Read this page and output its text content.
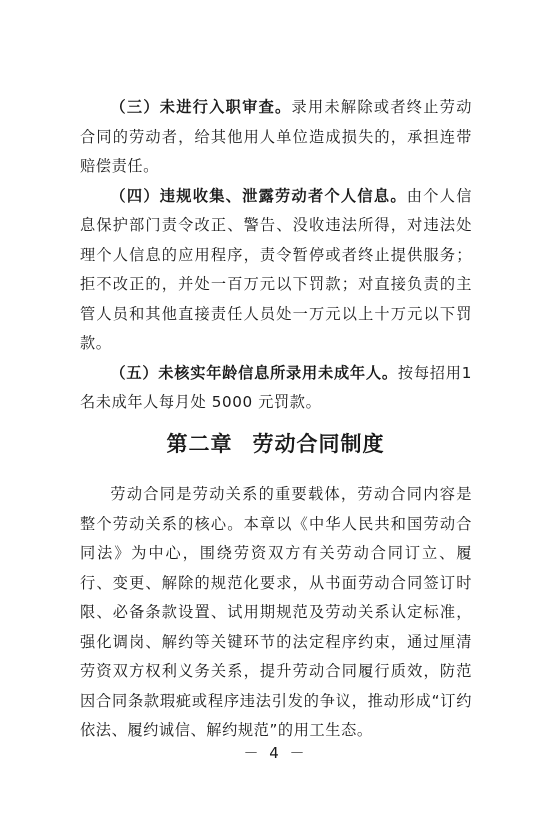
（三）未进行入职审查。录用未解除或者终止劳动合同的劳动者，给其他用人单位造成损失的，承担连带赔偿责任。

（四）违规收集、泄露劳动者个人信息。由个人信息保护部门责令改正、警告、没收违法所得，对违法处理个人信息的应用程序，责令暂停或者终止提供服务；拒不改正的，并处一百万元以下罚款；对直接负责的主管人员和其他直接责任人员处一万元以上十万元以下罚款。

（五）未核实年龄信息所录用未成年人。按每招用1 名未成年人每月处 5000 元罚款。

第二章 劳动合同制度

劳动合同是劳动关系的重要载体，劳动合同内容是整个劳动关系的核心。本章以《中华人民共和国劳动合同法》为中心，围绕劳资双方有关劳动合同订立、履行、变更、解除的规范化要求，从书面劳动合同签订时限、必备条款设置、试用期规范及劳动关系认定标准，强化调岗、解约等关键环节的法定程序约束，通过厘清劳资双方权利义务关系，提升劳动合同履行质效，防范因合同条款瑕疵或程序违法引发的争议，推动形成“订约依法、履约诚信、解约规范”的用工生态。

－ 4 －
